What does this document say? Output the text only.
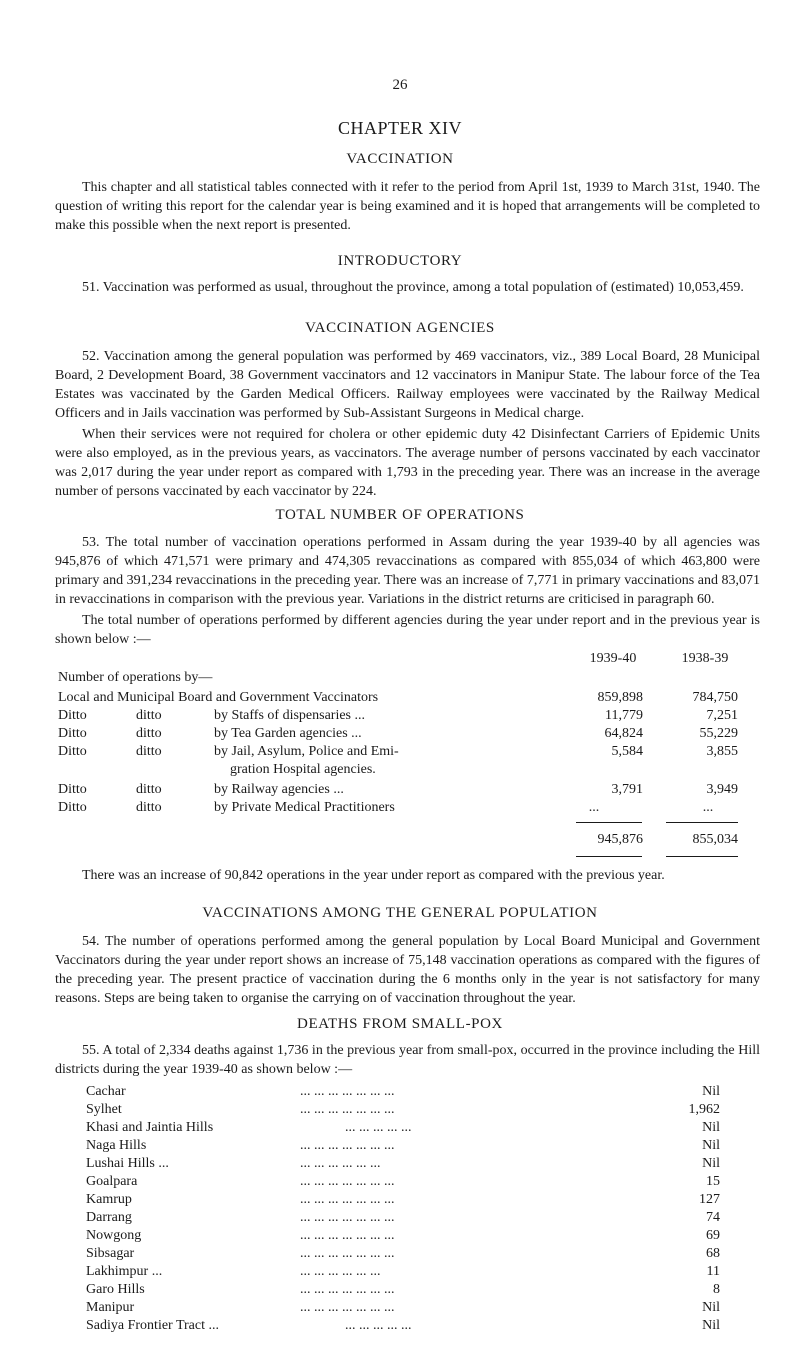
26
CHAPTER XIV
VACCINATION

This chapter and all statistical tables connected with it refer to the period from April 1st, 1939 to March 31st, 1940. The question of writing this report for the calendar year is being examined and it is hoped that arrangements will be completed to make this possible when the next report is presented.

INTRODUCTORY

51. Vaccination was performed as usual, throughout the province, among a total population of (estimated) 10,053,459.

VACCINATION AGENCIES

52. Vaccination among the general population was performed by 469 vaccinators, viz., 389 Local Board, 28 Municipal Board, 2 Development Board, 38 Government vaccinators and 12 vaccinators in Manipur State. The labour force of the Tea Estates was vaccinated by the Garden Medical Officers. Railway employees were vaccinated by the Railway Medical Officers and in Jails vaccination was performed by Sub-Assistant Surgeons in Medical charge.

When their services were not required for cholera or other epidemic duty 42 Disinfectant Carriers of Epidemic Units were also employed, as in the previous years, as vaccinators. The average number of persons vaccinated by each vaccinator was 2,017 during the year under report as compared with 1,793 in the preceding year. There was an increase in the average number of persons vaccinated by each vaccinator by 224.

TOTAL NUMBER OF OPERATIONS

53. The total number of vaccination operations performed in Assam during the year 1939-40 by all agencies was 945,876 of which 471,571 were primary and 474,305 revaccinations as compared with 855,034 of which 463,800 were primary and 391,234 revaccinations in the preceding year. There was an increase of 7,771 in primary vaccinations and 83,071 in revaccinations in comparison with the previous year. Variations in the district returns are criticised in paragraph 60.

The total number of operations performed by different agencies during the year under report and in the previous year is shown below :—

1939-40	1938-39
Number of operations by—
Local and Municipal Board and Government Vaccinators	859,898	784,750
Ditto	ditto	by Staffs of dispensaries ...	11,779	7,251
Ditto	ditto	by Tea Garden agencies ...	64,824	55,229
Ditto	ditto	by Jail, Asylum, Police and Emi-
gration Hospital agencies.
5,584	3,855
Ditto	ditto	by Railway agencies ...	3,791	3,949
Ditto	ditto	by Private Medical Practitioners	...	...
945,876	855,034

There was an increase of 90,842 operations in the year under report as compared with the previous year.

VACCINATIONS AMONG THE GENERAL POPULATION

54. The number of operations performed among the general population by Local Board Municipal and Government Vaccinators during the year under report shows an increase of 75,148 vaccination operations as compared with the figures of the preceding year. The present practice of vaccination during the 6 months only in the year is not satisfactory for many reasons. Steps are being taken to organise the carrying on of vaccination throughout the year.

DEATHS FROM SMALL-POX

55. A total of 2,334 deaths against 1,736 in the previous year from small-pox, occurred in the province including the Hill districts during the year 1939-40 as shown below :—

Cachar	... ... ... ... ... ... ...	Nil
Sylhet	... ... ... ... ... ... ...	1,962
Khasi and Jaintia Hills	... ... ... ... ...	Nil
Naga Hills	... ... ... ... ... ... ...	Nil
Lushai Hills ...	... ... ... ... ... ...	Nil
Goalpara	... ... ... ... ... ... ...	15
Kamrup	... ... ... ... ... ... ...	127
Darrang	... ... ... ... ... ... ...	74
Nowgong	... ... ... ... ... ... ...	69
Sibsagar	... ... ... ... ... ... ...	68
Lakhimpur ...	... ... ... ... ... ...	11
Garo Hills	... ... ... ... ... ... ...	8
Manipur	... ... ... ... ... ... ...	Nil
Sadiya Frontier Tract ...	... ... ... ... ...	Nil
